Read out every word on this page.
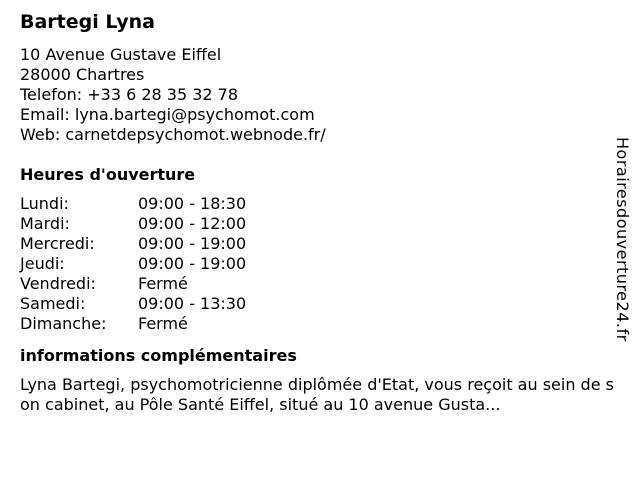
Bartegi Lyna
10 Avenue Gustave Eiffel
28000 Chartres
Telefon: +33 6 28 35 32 78
Email: lyna.bartegi@psychomot.com
Web: carnetdepsychomot.webnode.fr/
Heures d'ouverture
Lundi:	09:00 - 18:30
Mardi:	09:00 - 12:00
Mercredi:	09:00 - 19:00
Jeudi:	09:00 - 19:00
Vendredi:	Fermé
Samedi:	09:00 - 13:30
Dimanche:	Fermé
informations complémentaires
Lyna Bartegi, psychomotricienne diplômée d'Etat, vous reçoit au sein de son cabinet, au Pôle Santé Eiffel, situé au 10 avenue Gusta...
Horairesdouverture24.fr
